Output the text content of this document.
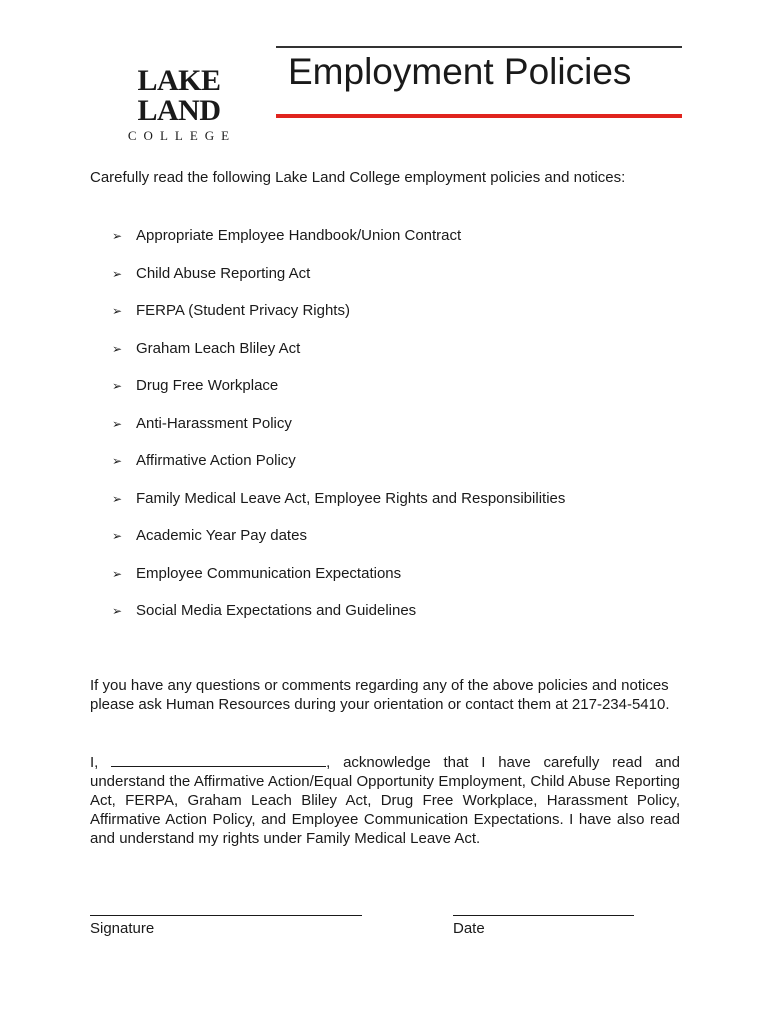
LAKE LAND
COLLEGE
Employment Policies

Carefully read the following Lake Land College employment policies and notices:

➢ Appropriate Employee Handbook/Union Contract
➢ Child Abuse Reporting Act
➢ FERPA (Student Privacy Rights)
➢ Graham Leach Bliley Act
➢ Drug Free Workplace
➢ Anti-Harassment Policy
➢ Affirmative Action Policy
➢ Family Medical Leave Act, Employee Rights and Responsibilities
➢ Academic Year Pay dates
➢ Employee Communication Expectations
➢ Social Media Expectations and Guidelines

If you have any questions or comments regarding any of the above policies and notices please ask Human Resources during your orientation or contact them at 217-234-5410.

I,	, acknowledge that I have carefully read and understand the Affirmative Action/Equal Opportunity Employment, Child Abuse Reporting Act, FERPA, Graham Leach Bliley Act, Drug Free Workplace, Harassment Policy, Affirmative Action Policy, and Employee Communication Expectations. I have also read and understand my rights under Family Medical Leave Act.

Signature	Date
